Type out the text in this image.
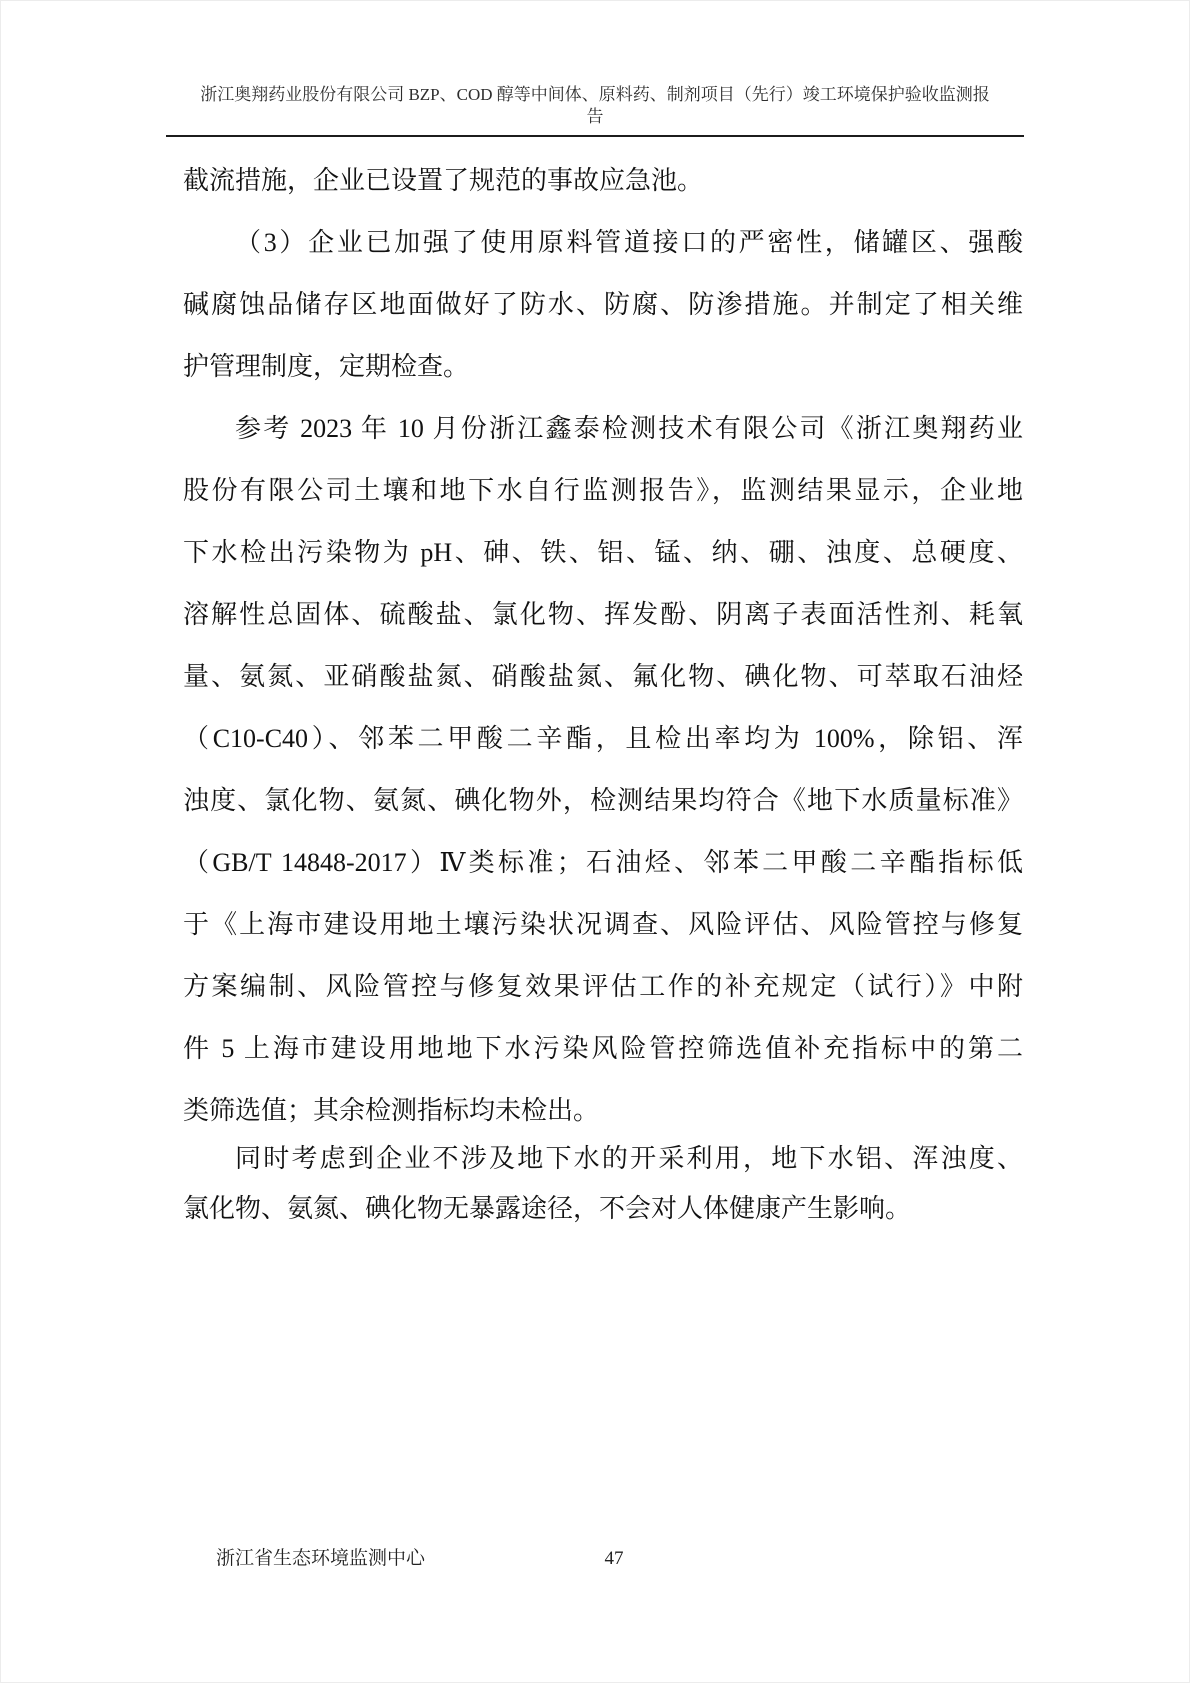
浙江奥翔药业股份有限公司 BZP、COD 醇等中间体、原料药、制剂项目（先行）竣工环境保护验收监测报
告
截流措施，企业已设置了规范的事故应急池。
（3）企业已加强了使用原料管道接口的严密性，储罐区、强酸
碱腐蚀品储存区地面做好了防水、防腐、防渗措施。并制定了相关维
护管理制度，定期检查。
参考 2023 年 10 月份浙江鑫泰检测技术有限公司《浙江奥翔药业
股份有限公司土壤和地下水自行监测报告》，监测结果显示，企业地
下水检出污染物为 pH、砷、铁、铝、锰、纳、硼、浊度、总硬度、
溶解性总固体、硫酸盐、氯化物、挥发酚、阴离子表面活性剂、耗氧
量、氨氮、亚硝酸盐氮、硝酸盐氮、氟化物、碘化物、可萃取石油烃
（C10-C40）、邻苯二甲酸二辛酯，且检出率均为 100%，除铝、浑
浊度、氯化物、氨氮、碘化物外，检测结果均符合《地下水质量标准》
（GB/T 14848-2017）Ⅳ类标准；石油烃、邻苯二甲酸二辛酯指标低
于《上海市建设用地土壤污染状况调查、风险评估、风险管控与修复
方案编制、风险管控与修复效果评估工作的补充规定（试行）》中附
件 5 上海市建设用地地下水污染风险管控筛选值补充指标中的第二
类筛选值；其余检测指标均未检出。
同时考虑到企业不涉及地下水的开采利用，地下水铝、浑浊度、
氯化物、氨氮、碘化物无暴露途径，不会对人体健康产生影响。
浙江省生态环境监测中心	47
